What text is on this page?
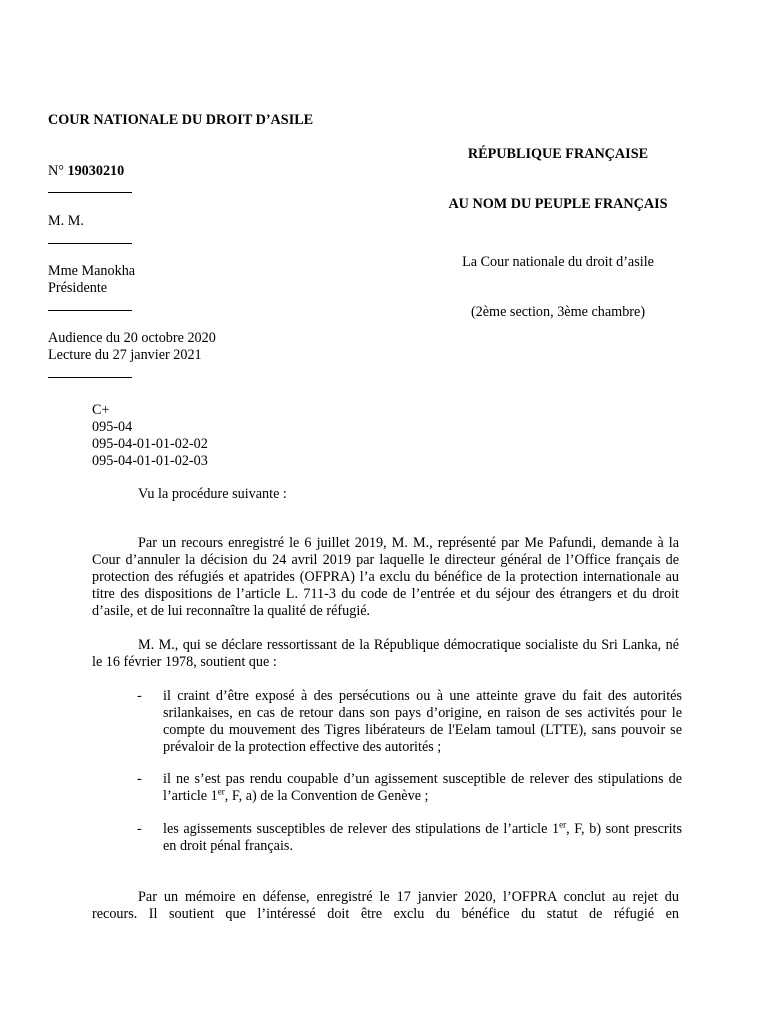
COUR NATIONALE DU DROIT D’ASILE
N° 19030210
M. M.
Mme Manokha
Présidente
Audience du 20 octobre 2020
Lecture du 27 janvier 2021
RÉPUBLIQUE FRANÇAISE
AU NOM DU PEUPLE FRANÇAIS
La Cour nationale du droit d’asile
(2ème section, 3ème chambre)
C+
095-04
095-04-01-01-02-02
095-04-01-01-02-03
Vu la procédure suivante :
Par un recours enregistré le 6 juillet 2019, M. M., représenté par Me Pafundi, demande à la Cour d’annuler la décision du 24 avril 2019 par laquelle le directeur général de l’Office français de protection des réfugiés et apatrides (OFPRA) l’a exclu du bénéfice de la protection internationale au titre des dispositions de l’article L. 711-3 du code de l’entrée et du séjour des étrangers et du droit d’asile, et de lui reconnaître la qualité de réfugié.
M. M., qui se déclare ressortissant de la République démocratique socialiste du Sri Lanka, né le 16 février 1978, soutient que :
- il craint d’être exposé à des persécutions ou à une atteinte grave du fait des autorités srilankaises, en cas de retour dans son pays d’origine, en raison de ses activités pour le compte du mouvement des Tigres libérateurs de l'Eelam tamoul (LTTE), sans pouvoir se prévaloir de la protection effective des autorités ;
- il ne s’est pas rendu coupable d’un agissement susceptible de relever des stipulations de l’article 1er, F, a) de la Convention de Genève ;
- les agissements susceptibles de relever des stipulations de l’article 1er, F, b) sont prescrits en droit pénal français.
Par un mémoire en défense, enregistré le 17 janvier 2020, l’OFPRA conclut au rejet du recours. Il soutient que l’intéressé doit être exclu du bénéfice du statut de réfugié en
